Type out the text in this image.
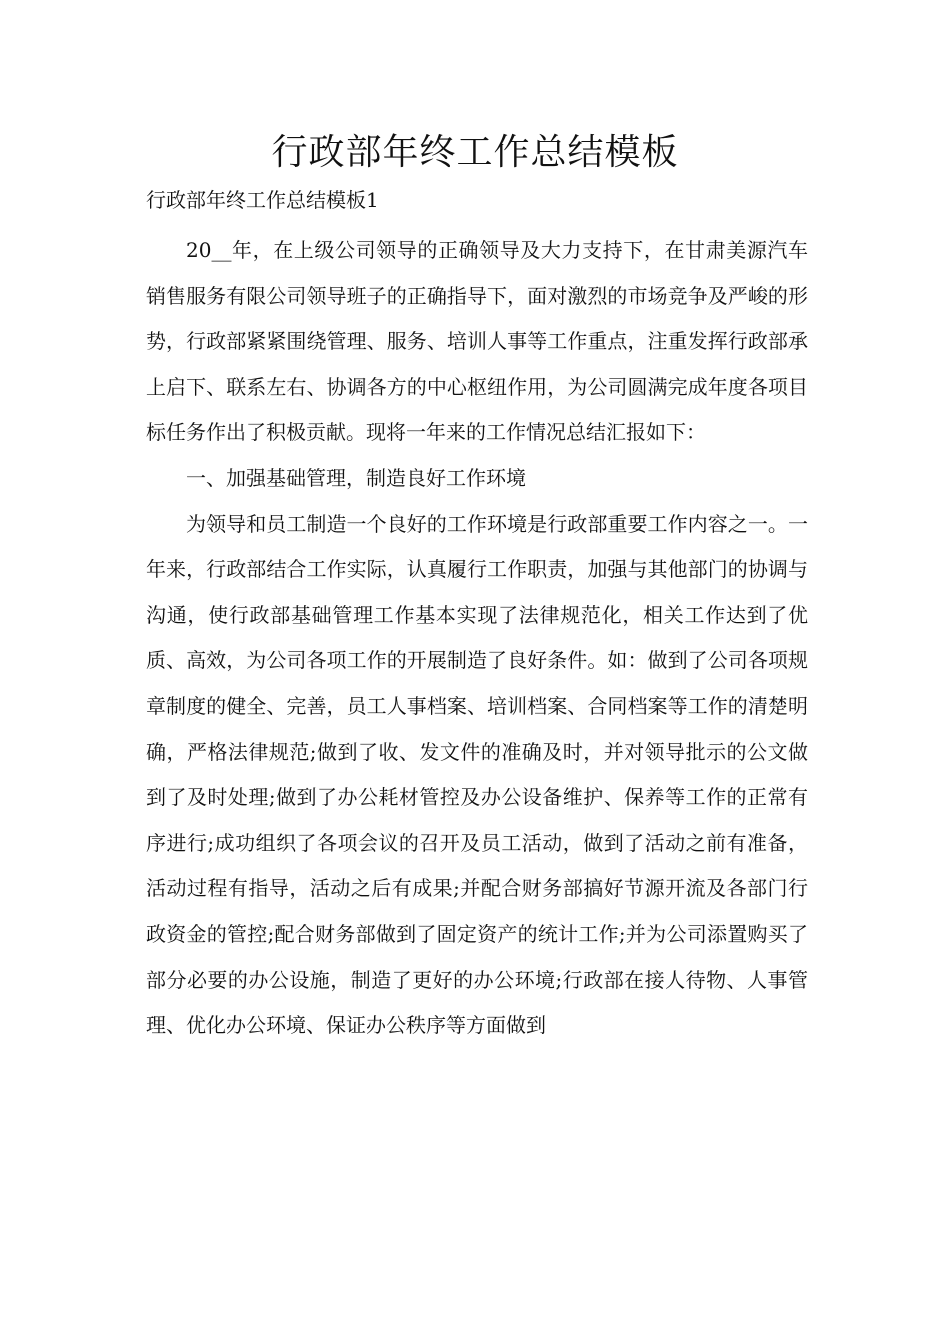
行政部年终工作总结模板

行政部年终工作总结模板1

20__年，在上级公司领导的正确领导及大力支持下，在甘肃美源汽车销售服务有限公司领导班子的正确指导下，面对激烈的市场竞争及严峻的形势，行政部紧紧围绕管理、服务、培训人事等工作重点，注重发挥行政部承上启下、联系左右、协调各方的中心枢纽作用，为公司圆满完成年度各项目标任务作出了积极贡献。现将一年来的工作情况总结汇报如下：

一、加强基础管理，制造良好工作环境

为领导和员工制造一个良好的工作环境是行政部重要工作内容之一。一年来，行政部结合工作实际，认真履行工作职责，加强与其他部门的协调与沟通，使行政部基础管理工作基本实现了法律规范化，相关工作达到了优质、高效，为公司各项工作的开展制造了良好条件。如：做到了公司各项规章制度的健全、完善，员工人事档案、培训档案、合同档案等工作的清楚明确，严格法律规范;做到了收、发文件的准确及时，并对领导批示的公文做到了及时处理;做到了办公耗材管控及办公设备维护、保养等工作的正常有序进行;成功组织了各项会议的召开及员工活动，做到了活动之前有准备，活动过程有指导，活动之后有成果;并配合财务部搞好节源开流及各部门行政资金的管控;配合财务部做到了固定资产的统计工作;并为公司添置购买了部分必要的办公设施，制造了更好的办公环境;行政部在接人待物、人事管理、优化办公环境、保证办公秩序等方面做到
